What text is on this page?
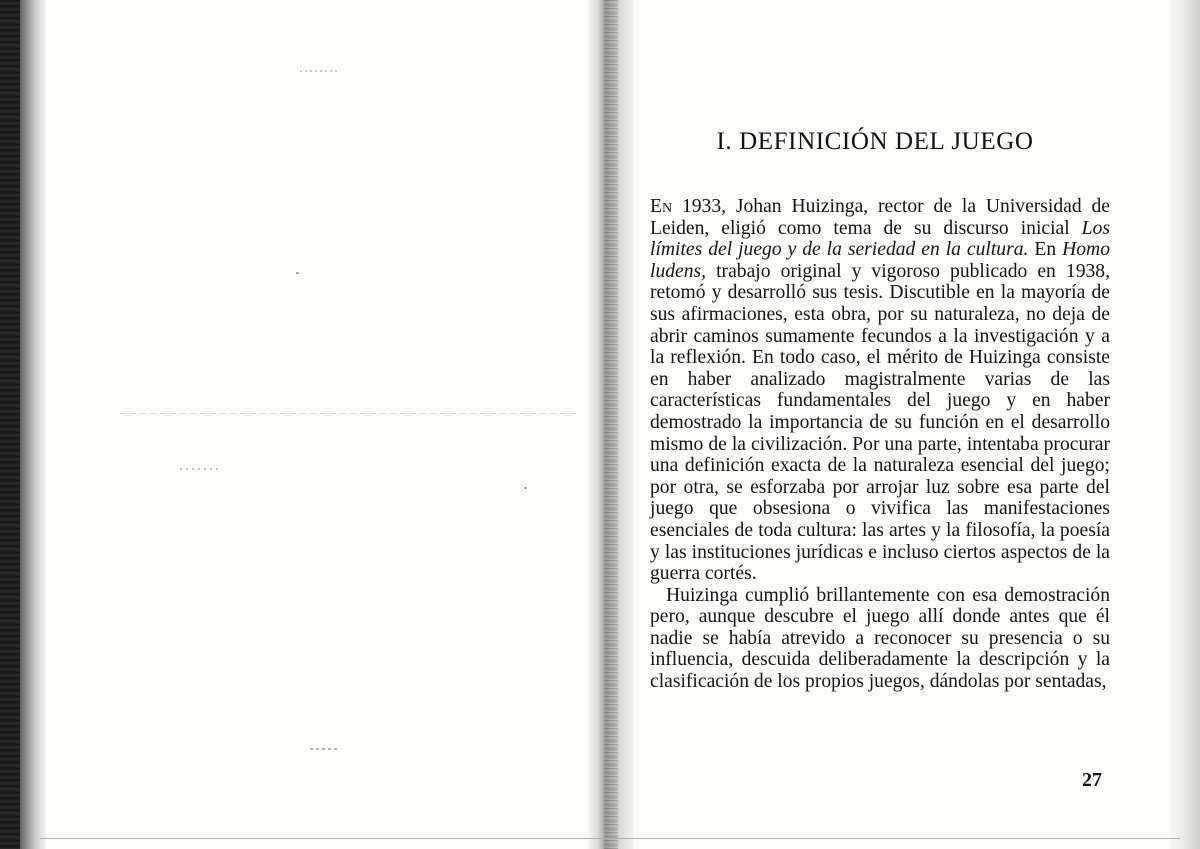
I. DEFINICIÓN DEL JUEGO

En 1933, Johan Huizinga, rector de la Universidad de Leiden, eligió como tema de su discurso inicial Los límites del juego y de la seriedad en la cultura. En Homo ludens, trabajo original y vigoroso publicado en 1938, retomó y desarrolló sus tesis. Discutible en la mayoría de sus afirmaciones, esta obra, por su naturaleza, no deja de abrir caminos sumamente fecundos a la investigación y a la reflexión. En todo caso, el mérito de Huizinga consiste en haber analizado magistralmente varias de las características fundamentales del juego y en haber demostrado la importancia de su función en el desarrollo mismo de la civilización. Por una parte, intentaba procurar una definición exacta de la naturaleza esencial del juego; por otra, se esforzaba por arrojar luz sobre esa parte del juego que obsesiona o vivifica las manifestaciones esenciales de toda cultura: las artes y la filosofía, la poesía y las instituciones jurídicas e incluso ciertos aspectos de la guerra cortés.

Huizinga cumplió brillantemente con esa demostración pero, aunque descubre el juego allí donde antes que él nadie se había atrevido a reconocer su presencia o su influencia, descuida deliberadamente la descripción y la clasificación de los propios juegos, dándolas por sentadas,

27
